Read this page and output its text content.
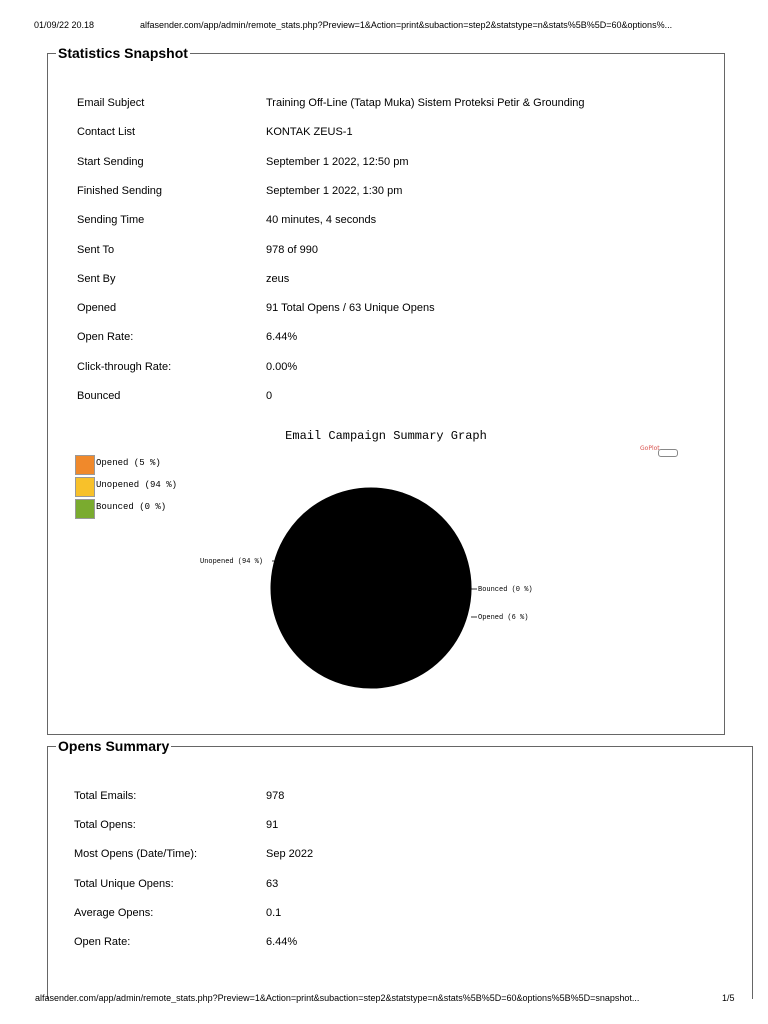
01/09/22 20.18	alfasender.com/app/admin/remote_stats.php?Preview=1&Action=print&subaction=step2&statstype=n&stats%5B%5D=60&options%...
Statistics Snapshot
Email Subject	Training Off-Line (Tatap Muka) Sistem Proteksi Petir & Grounding
Contact List	KONTAK ZEUS-1
Start Sending	September 1 2022, 12:50 pm
Finished Sending	September 1 2022, 1:30 pm
Sending Time	40 minutes, 4 seconds
Sent To	978 of 990
Sent By	zeus
Opened	91 Total Opens / 63 Unique Opens
Open Rate:	6.44%
Click-through Rate:	0.00%
Bounced	0
Email Campaign Summary Graph
Opened (5 %)
Unopened (94 %)
Bounced (0 %)
GoPlot
Unopened (94 %)
Bounced (0 %)
Opened (6 %)
Opens Summary
Total Emails:	978
Total Opens:	91
Most Opens (Date/Time):	Sep 2022
Total Unique Opens:	63
Average Opens:	0.1
Open Rate:	6.44%
alfasender.com/app/admin/remote_stats.php?Preview=1&Action=print&subaction=step2&statstype=n&stats%5B%5D=60&options%5B%5D=snapshot...	1/5
